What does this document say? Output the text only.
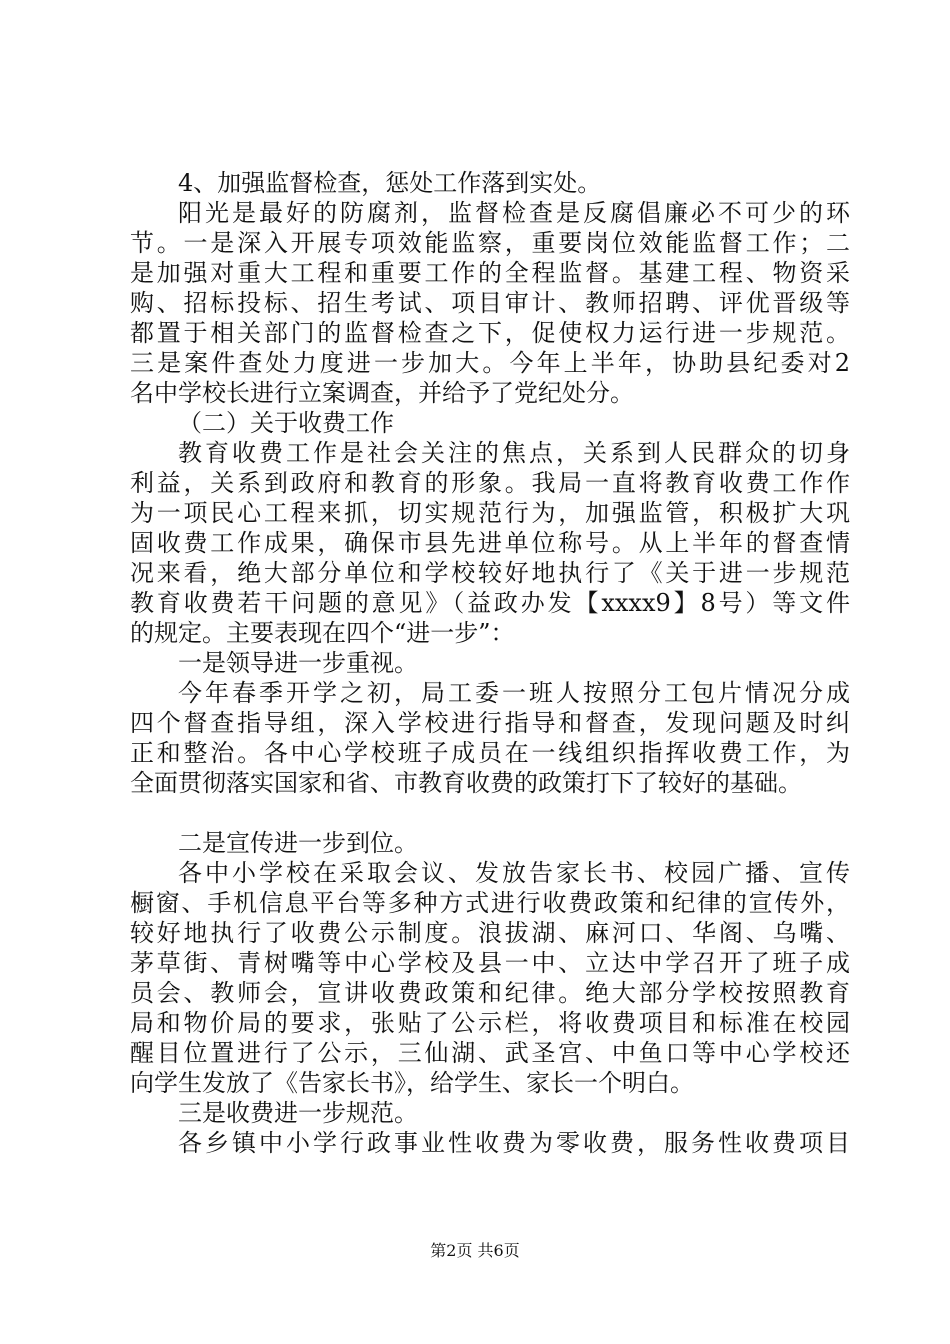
4、加强监督检查，惩处工作落到实处。
阳光是最好的防腐剂，监督检查是反腐倡廉必不可少的环
节。一是深入开展专项效能监察，重要岗位效能监督工作；二
是加强对重大工程和重要工作的全程监督。基建工程、物资采
购、招标投标、招生考试、项目审计、教师招聘、评优晋级等
都置于相关部门的监督检查之下，促使权力运行进一步规范。
三是案件查处力度进一步加大。今年上半年，协助县纪委对2
名中学校长进行立案调查，并给予了党纪处分。
（二）关于收费工作
教育收费工作是社会关注的焦点，关系到人民群众的切身
利益，关系到政府和教育的形象。我局一直将教育收费工作作
为一项民心工程来抓，切实规范行为，加强监管，积极扩大巩
固收费工作成果，确保市县先进单位称号。从上半年的督查情
况来看，绝大部分单位和学校较好地执行了《关于进一步规范
教育收费若干问题的意见》（益政办发【xxxx9】8号）等文件
的规定。主要表现在四个“进一步”：
一是领导进一步重视。
今年春季开学之初，局工委一班人按照分工包片情况分成
四个督查指导组，深入学校进行指导和督查，发现问题及时纠
正和整治。各中心学校班子成员在一线组织指挥收费工作，为
全面贯彻落实国家和省、市教育收费的政策打下了较好的基础。
二是宣传进一步到位。
各中小学校在采取会议、发放告家长书、校园广播、宣传
橱窗、手机信息平台等多种方式进行收费政策和纪律的宣传外，
较好地执行了收费公示制度。浪拔湖、麻河口、华阁、乌嘴、
茅草街、青树嘴等中心学校及县一中、立达中学召开了班子成
员会、教师会，宣讲收费政策和纪律。绝大部分学校按照教育
局和物价局的要求，张贴了公示栏，将收费项目和标准在校园
醒目位置进行了公示，三仙湖、武圣宫、中鱼口等中心学校还
向学生发放了《告家长书》，给学生、家长一个明白。
三是收费进一步规范。
各乡镇中小学行政事业性收费为零收费，服务性收费项目
第2页 共6页
